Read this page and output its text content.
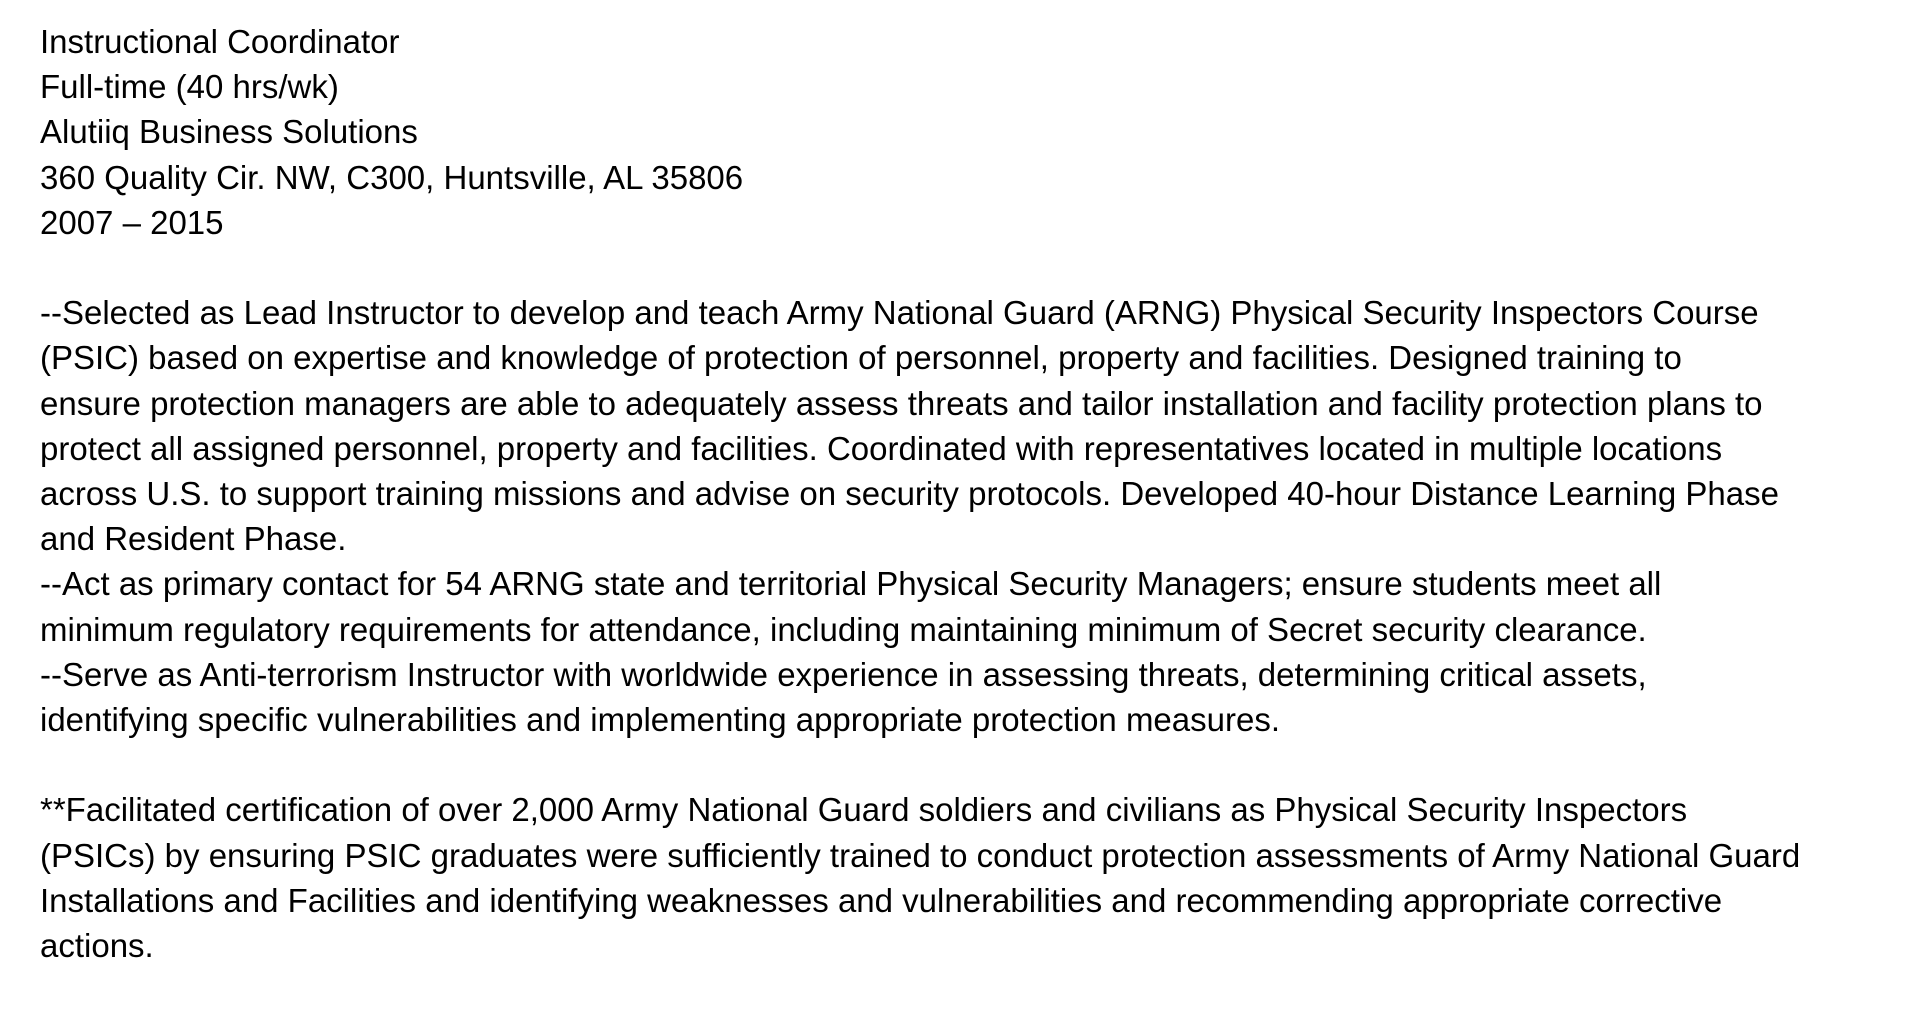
Instructional Coordinator
Full-time (40 hrs/wk)
Alutiiq Business Solutions
360 Quality Cir. NW, C300, Huntsville, AL 35806
2007 – 2015
--Selected as Lead Instructor to develop and teach Army National Guard (ARNG) Physical Security Inspectors Course
(PSIC) based on expertise and knowledge of protection of personnel, property and facilities. Designed training to
ensure protection managers are able to adequately assess threats and tailor installation and facility protection plans to
protect all assigned personnel, property and facilities. Coordinated with representatives located in multiple locations
across U.S. to support training missions and advise on security protocols. Developed 40-hour Distance Learning Phase
and Resident Phase.
--Act as primary contact for 54 ARNG state and territorial Physical Security Managers; ensure students meet all
minimum regulatory requirements for attendance, including maintaining minimum of Secret security clearance.
--Serve as Anti-terrorism Instructor with worldwide experience in assessing threats, determining critical assets,
identifying specific vulnerabilities and implementing appropriate protection measures.
**Facilitated certification of over 2,000 Army National Guard soldiers and civilians as Physical Security Inspectors
(PSICs) by ensuring PSIC graduates were sufficiently trained to conduct protection assessments of Army National Guard
Installations and Facilities and identifying weaknesses and vulnerabilities and recommending appropriate corrective
actions.
